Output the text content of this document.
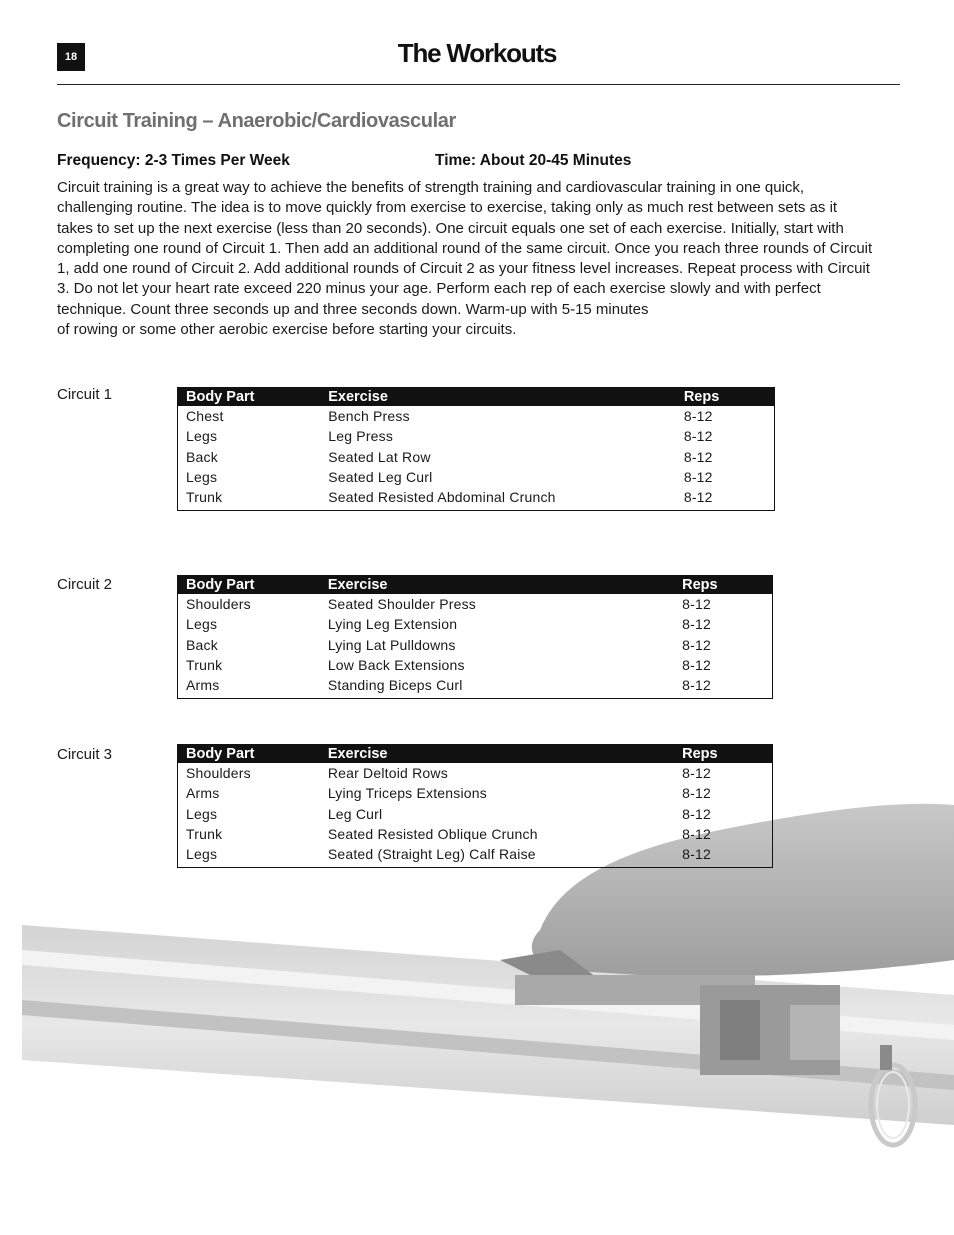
18	The Workouts
Circuit Training – Anaerobic/Cardiovascular
Frequency: 2-3 Times Per Week	Time: About 20-45 Minutes

Circuit training is a great way to achieve the benefits of strength training and cardiovascular training in one quick,
challenging routine. The idea is to move quickly from exercise to exercise, taking only as much rest between sets as it
takes to set up the next exercise (less than 20 seconds). One circuit equals one set of each exercise. Initially, start with
completing one round of Circuit 1. Then add an additional round of the same circuit. Once you reach three rounds of Circuit
1, add one round of Circuit 2. Add additional rounds of Circuit 2 as your fitness level increases. Repeat process with Circuit
3. Do not let your heart rate exceed 220 minus your age. Perform each rep of each exercise slowly and with perfect
technique. Count three seconds up and three seconds down. Warm-up with 5-15 minutes
of rowing or some other aerobic exercise before starting your circuits.

Circuit 1	Body Part	Exercise	Reps
Chest	Bench Press	8-12
Legs	Leg Press	8-12
Back	Seated Lat Row	8-12
Legs	Seated Leg Curl	8-12
Trunk	Seated Resisted Abdominal Crunch	8-12
Circuit 2	Body Part	Exercise	Reps
Shoulders	Seated Shoulder Press	8-12
Legs	Lying Leg Extension	8-12
Back	Lying Lat Pulldowns	8-12
Trunk	Low Back Extensions	8-12
Arms	Standing Biceps Curl	8-12
Circuit 3	Body Part	Exercise	Reps
Shoulders	Rear Deltoid Rows	8-12
Arms	Lying Triceps Extensions	8-12
Legs	Leg Curl	8-12
Trunk	Seated Resisted Oblique Crunch	8-12
Legs	Seated (Straight Leg) Calf Raise	8-12
